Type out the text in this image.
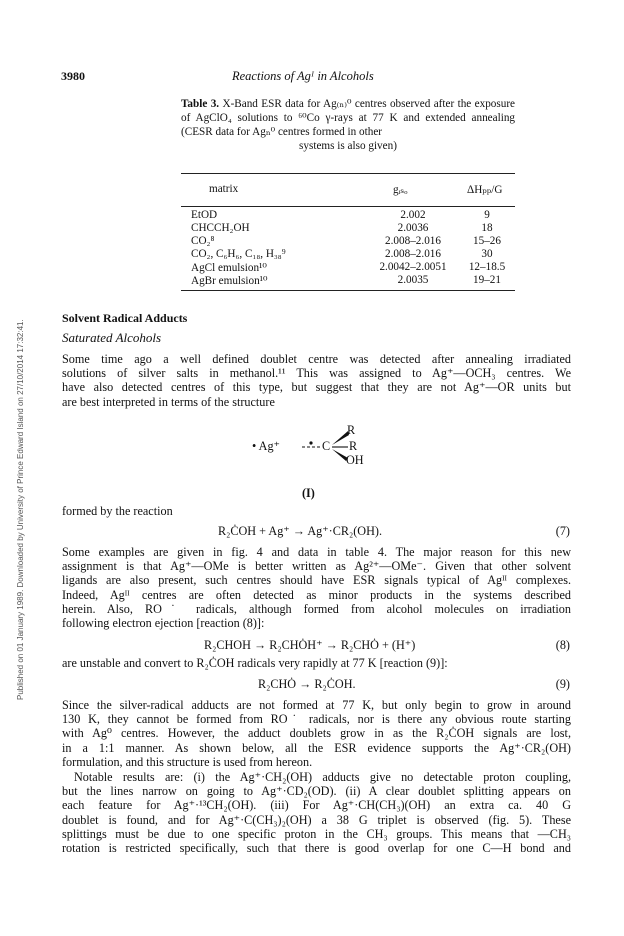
Published on 01 January 1989. Downloaded by University of Prince Edward Island on 27/10/2014 17:32:41.
3980	Reactions of Agᴵ in Alcohols
Table 3. X-Band ESR data for Ag₍ₙ₎⁰ centres observed after the exposure of AgClO₄ solutions to ⁶⁰Co γ-rays at 77 K and extended annealing (CESR data for Agₙ⁰ centres formed in other
systems is also given)
matrix	gᵢₛₒ	ΔHₚₚ/G
EtOD	2.002	9
CHCCH₂OH	2.0036	18
CO₂⁸	2.008–2.016	15–26
CO₂, C₆H₆, C₁₈, H₃₈⁹	2.008–2.016	30
AgCl emulsion¹⁰	2.0042–2.0051	12–18.5
AgBr emulsion¹⁰	2.0035	19–21
Solvent Radical Adducts
Saturated Alcohols
Some time ago a well defined doublet centre was detected after annealing irradiated
solutions of silver salts in methanol.¹¹ This was assigned to Ag⁺—OCH₃ centres. We
have also detected centres of this type, but suggest that they are not Ag⁺—OR units but
are best interpreted in terms of the structure
• Ag⁺	C
R
R
OH
(I)
formed by the reaction
R₂ĊOH + Ag⁺ → Ag⁺·CR₂(OH).	(7)
Some examples are given in fig. 4 and data in table 4. The major reason for this new
assignment is that Ag⁺—OMe is better written as Ag²⁺—OMe⁻. Given that other solvent
ligands are also present, such centres should have ESR signals typical of Agᴵᴵ complexes.
Indeed, Agᴵᴵ centres are often detected as minor products in the systems described
herein. Also, RO˙ radicals, although formed from alcohol molecules on irradiation
following electron ejection [reaction (8)]:
R₂CHOH → R₂CHȮH⁺ → R₂CHȮ + (H⁺)	(8)
are unstable and convert to R₂ĊOH radicals very rapidly at 77 K [reaction (9)]:
R₂CHȮ → R₂ĊOH.	(9)
Since the silver-radical adducts are not formed at 77 K, but only begin to grow in around
130 K, they cannot be formed from RO˙ radicals, nor is there any obvious route starting
with Ag⁰ centres. However, the adduct doublets grow in as the R₂ĊOH signals are lost,
in a 1:1 manner. As shown below, all the ESR evidence supports the Ag⁺·CR₂(OH)
formulation, and this structure is used from hereon.
Notable results are: (i) the Ag⁺·CH₂(OH) adducts give no detectable proton coupling,
but the lines narrow on going to Ag⁺·CD₂(OD). (ii) A clear doublet splitting appears on
each feature for Ag⁺·¹³CH₂(OH). (iii) For Ag⁺·CH(CH₃)(OH) an extra ca. 40 G
doublet is found, and for Ag⁺·C(CH₃)₂(OH) a 38 G triplet is observed (fig. 5). These
splittings must be due to one specific proton in the CH₃ groups. This means that —CH₃
rotation is restricted specifically, such that there is good overlap for one C—H bond and
